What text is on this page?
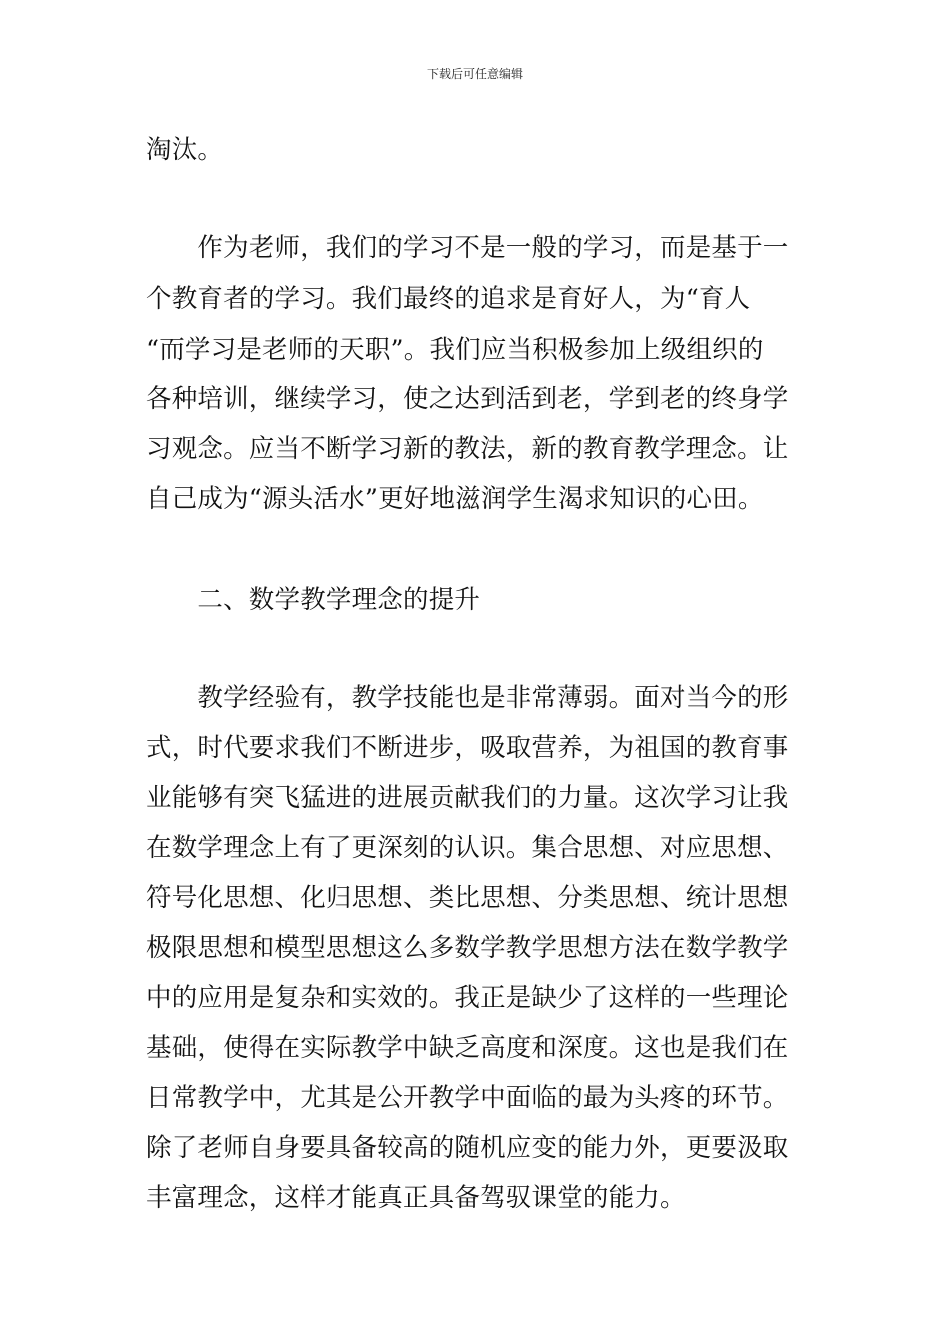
下载后可任意编辑
淘汰。
　　作为老师，我们的学习不是一般的学习，而是基于一
个教育者的学习。我们最终的追求是育好人，为“育人
“而学习是老师的天职”。我们应当积极参加上级组织的
各种培训，继续学习，使之达到活到老，学到老的终身学
习观念。应当不断学习新的教法，新的教育教学理念。让
自己成为“源头活水”更好地滋润学生渴求知识的心田。
　　二、数学教学理念的提升
　　教学经验有，教学技能也是非常薄弱。面对当今的形
式，时代要求我们不断进步，吸取营养，为祖国的教育事
业能够有突飞猛进的进展贡献我们的力量。这次学习让我
在数学理念上有了更深刻的认识。集合思想、对应思想、
符号化思想、化归思想、类比思想、分类思想、统计思想
极限思想和模型思想这么多数学教学思想方法在数学教学
中的应用是复杂和实效的。我正是缺少了这样的一些理论
基础，使得在实际教学中缺乏高度和深度。这也是我们在
日常教学中，尤其是公开教学中面临的最为头疼的环节。
除了老师自身要具备较高的随机应变的能力外，更要汲取
丰富理念，这样才能真正具备驾驭课堂的能力。
